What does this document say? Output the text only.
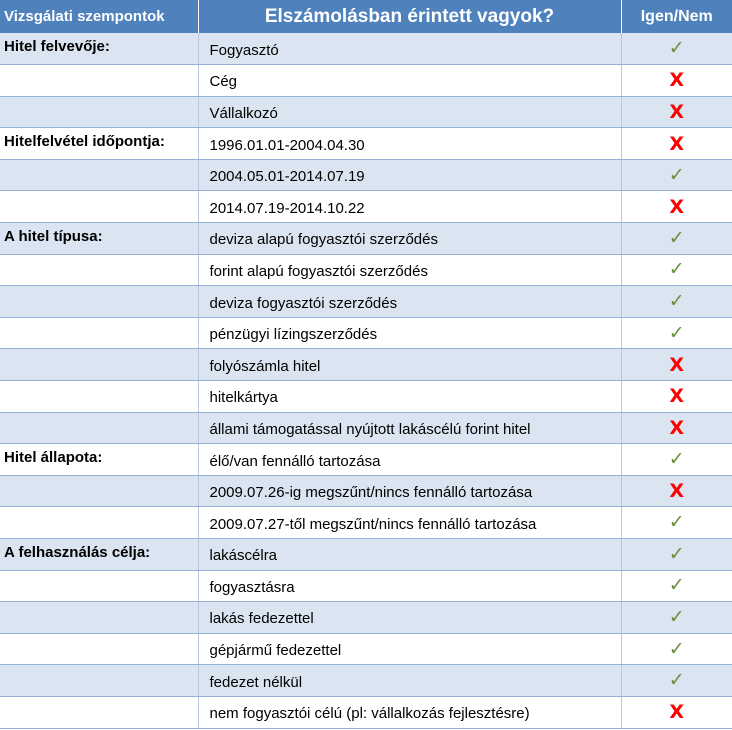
Vizsgálati szempontok	Elszámolásban érintett vagyok?	Igen/Nem
Hitel felvevője:	Fogyasztó	✓
	Cég	X
	Vállalkozó	X
Hitelfelvétel időpontja:	1996.01.01-2004.04.30	X
	2004.05.01-2014.07.19	✓
	2014.07.19-2014.10.22	X
A hitel típusa:	deviza alapú fogyasztói szerződés	✓
	forint alapú fogyasztói szerződés	✓
	deviza fogyasztói szerződés	✓
	pénzügyi lízingszerződés	✓
	folyószámla hitel	X
	hitelkártya	X
	állami támogatással nyújtott lakáscélú forint hitel	X
Hitel állapota:	élő/van fennálló tartozása	✓
	2009.07.26-ig megszűnt/nincs fennálló tartozása	X
	2009.07.27-től megszűnt/nincs fennálló tartozása	✓
A felhasználás célja:	lakáscélra	✓
	fogyasztásra	✓
	lakás fedezettel	✓
	gépjármű fedezettel	✓
	fedezet nélkül	✓
	nem fogyasztói célú (pl: vállalkozás fejlesztésre)	X
